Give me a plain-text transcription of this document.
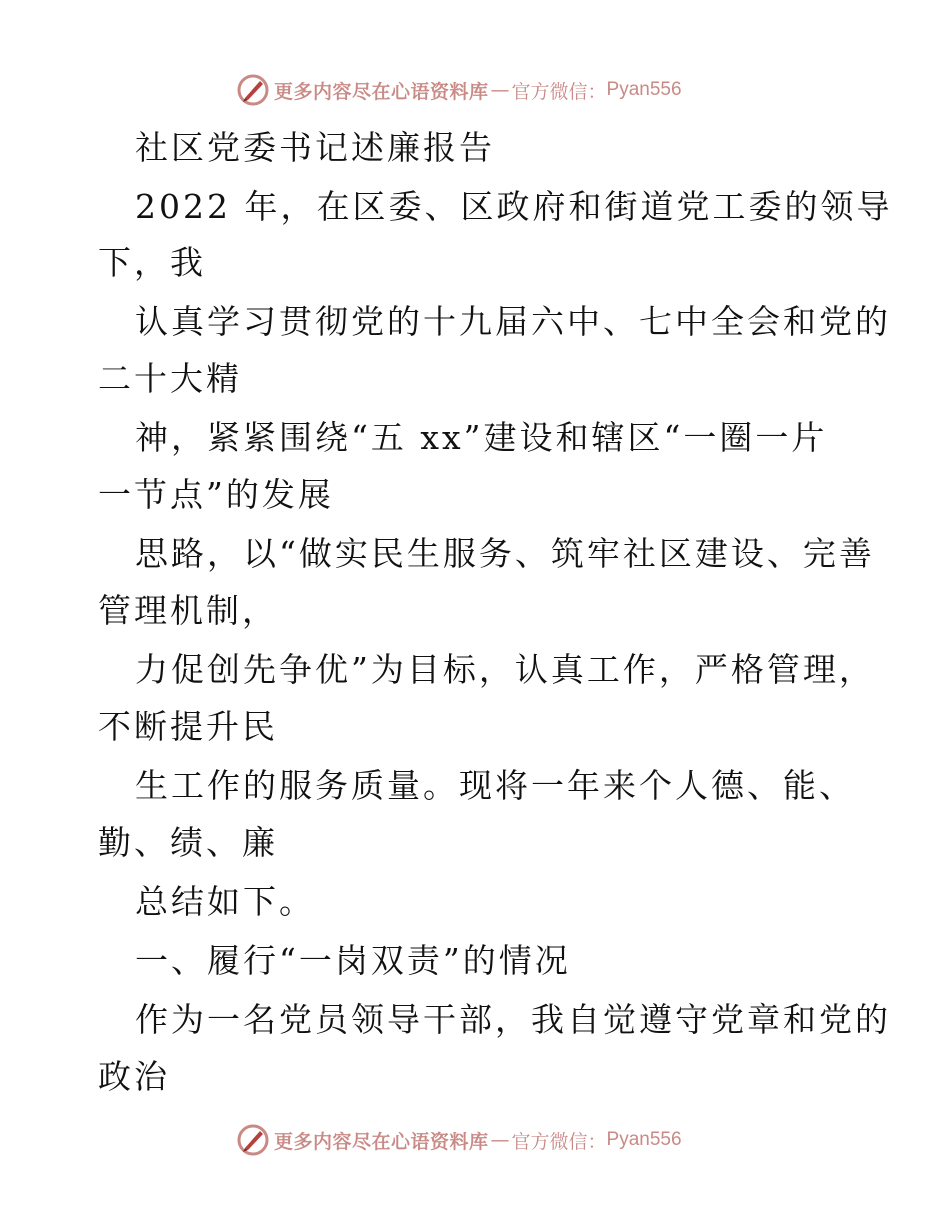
更多内容尽在心语资料库 — 官方微信： Pyan556
社区党委书记述廉报告
2022 年，在区委、区政府和街道党工委的领导
下，我
认真学习贯彻党的十九届六中、七中全会和党的
二十大精
神，紧紧围绕“五 xx”建设和辖区“一圈一片
一节点”的发展
思路，以“做实民生服务、筑牢社区建设、完善
管理机制，
力促创先争优”为目标，认真工作，严格管理，
不断提升民
生工作的服务质量。现将一年来个人德、能、
勤、绩、廉
总结如下。
一、履行“一岗双责”的情况
作为一名党员领导干部，我自觉遵守党章和党的
政治
更多内容尽在心语资料库 — 官方微信： Pyan556
